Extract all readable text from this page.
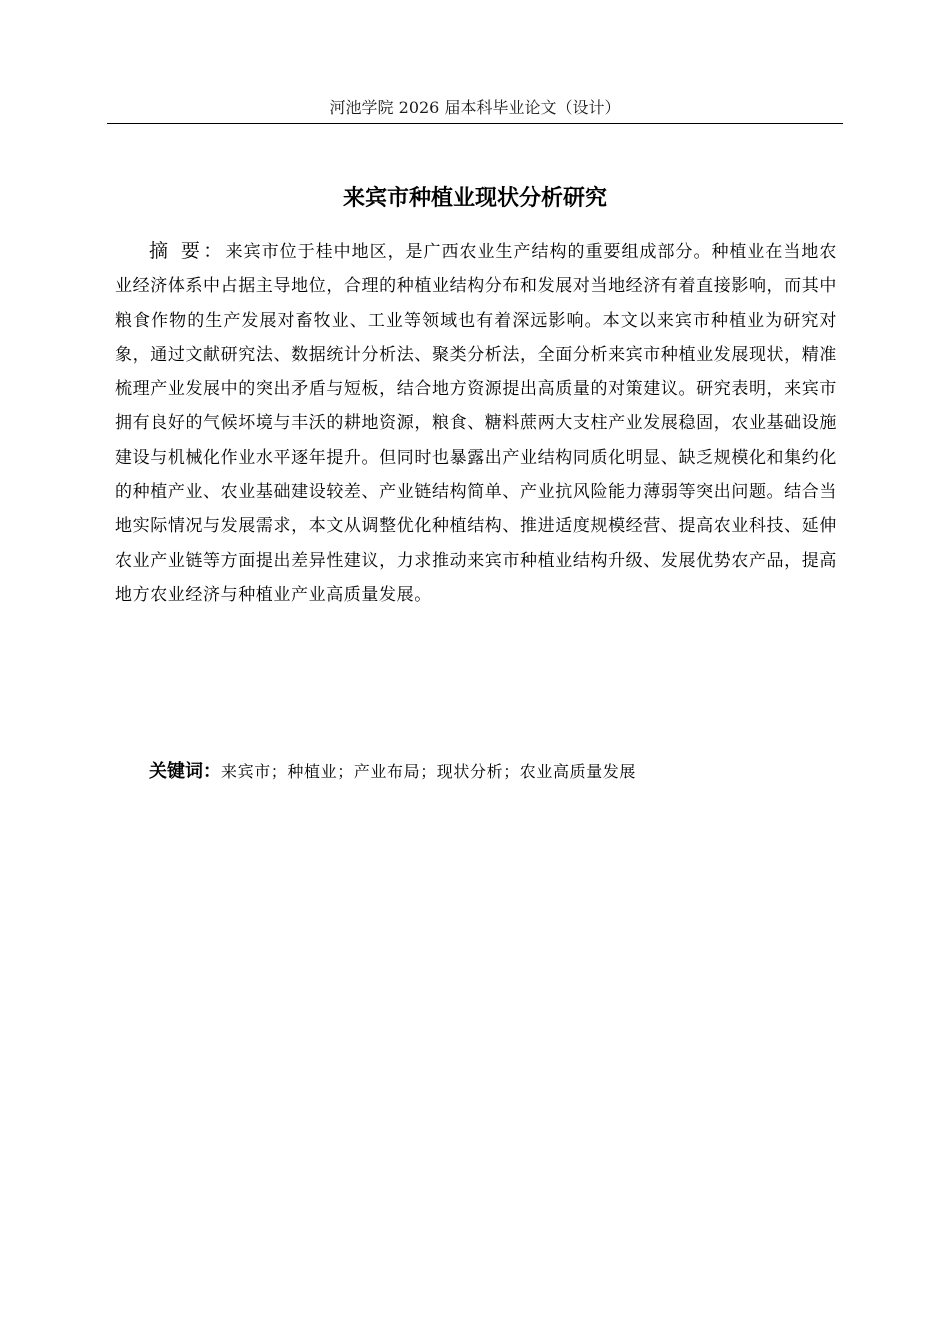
河池学院 2026 届本科毕业论文（设计）
来宾市种植业现状分析研究

摘 要：来宾市位于桂中地区，是广西农业生产结构的重要组成部分。种植业在当地农业经济体系中占据主导地位，合理的种植业结构分布和发展对当地经济有着直接影响，而其中粮食作物的生产发展对畜牧业、工业等领域也有着深远影响。本文以来宾市种植业为研究对象，通过文献研究法、数据统计分析法、聚类分析法，全面分析来宾市种植业发展现状，精准梳理产业发展中的突出矛盾与短板，结合地方资源提出高质量的对策建议。研究表明，来宾市拥有良好的气候坏境与丰沃的耕地资源，粮食、糖料蔗两大支柱产业发展稳固，农业基础设施建设与机械化作业水平逐年提升。但同时也暴露出产业结构同质化明显、缺乏规模化和集约化的种植产业、农业基础建设较差、产业链结构简单、产业抗风险能力薄弱等突出问题。结合当地实际情况与发展需求，本文从调整优化种植结构、推进适度规模经营、提高农业科技、延伸农业产业链等方面提出差异性建议，力求推动来宾市种植业结构升级、发展优势农产品，提高地方农业经济与种植业产业高质量发展。

关键词：来宾市；种植业；产业布局；现状分析；农业高质量发展
